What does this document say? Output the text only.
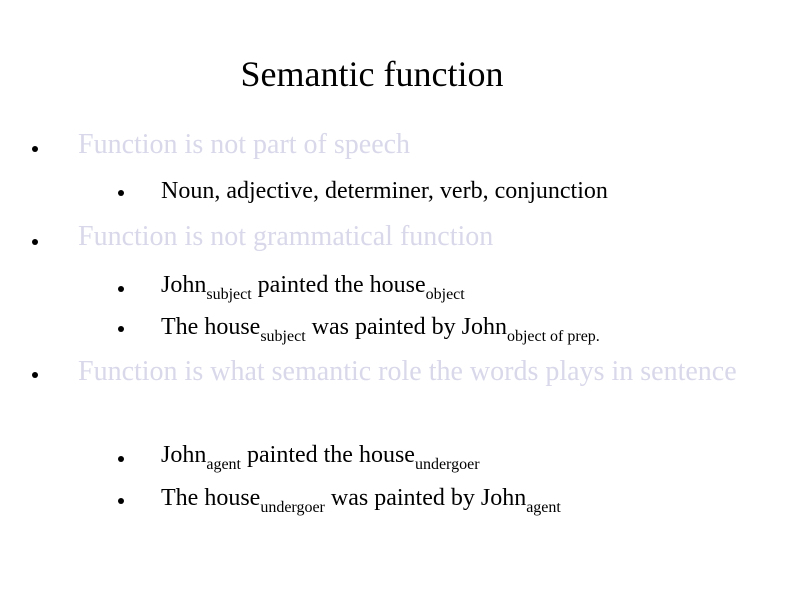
Semantic function
Function is not part of speech
Noun, adjective, determiner, verb, conjunction
Function is not grammatical function
John$_{subject}$ painted the house$_{object}$
The house$_{subject}$ was painted by John$_{object of prep.}$
Function is what semantic role the words plays in sentence
John$_{agent}$ painted the house$_{undergoer}$
The house$_{undergoer}$ was painted by John$_{agent}$
